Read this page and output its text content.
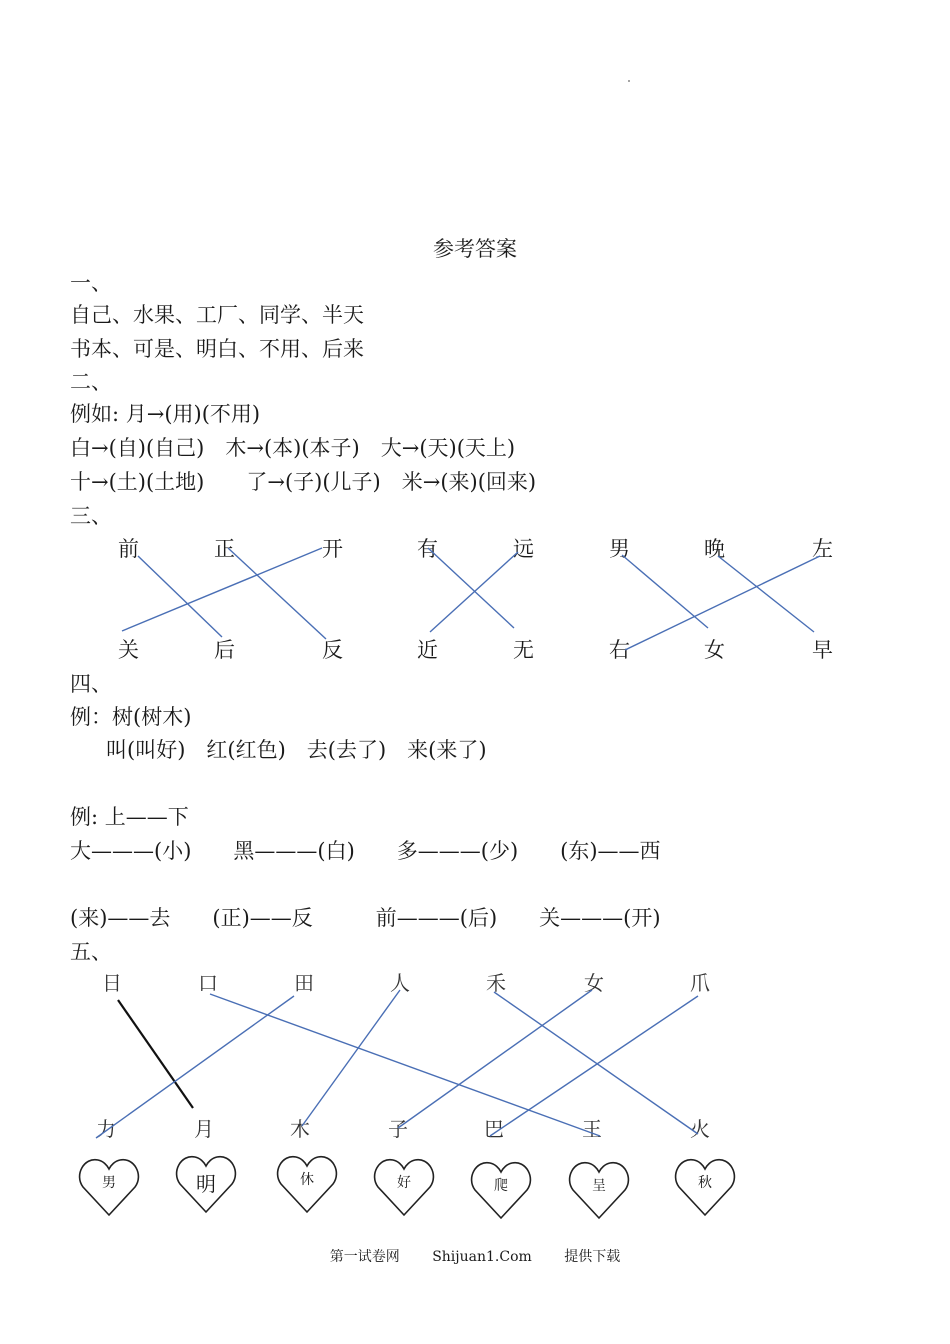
参考答案
一、
自己、水果、工厂、同学、半天
书本、可是、明白、不用、后来
二、
例如: 月→(用)(不用)
白→(自)(自己)　木→(本)(本子)　大→(天)(天上)
十→(土)(土地)　　了→(子)(儿子)　米→(来)(回来)
三、
前	正	开	有	远	男	晚	左
关	后	反	近	无	右	女	早
四、
例：树(树木)
叫(叫好)　红(红色)　去(去了)　来(来了)
例: 上——下
大———(小)　　黑———(白)　　多———(少)　　(东)——西
(来)——去　　(正)——反　　　前———(后)　　关———(开)
五、
日	口	田	人	禾	女	爪
力	月	木	子	巴	王	火
男	明	休	好	爬	呈	秋
第一试卷网 Shijuan1.Com 提供下载
